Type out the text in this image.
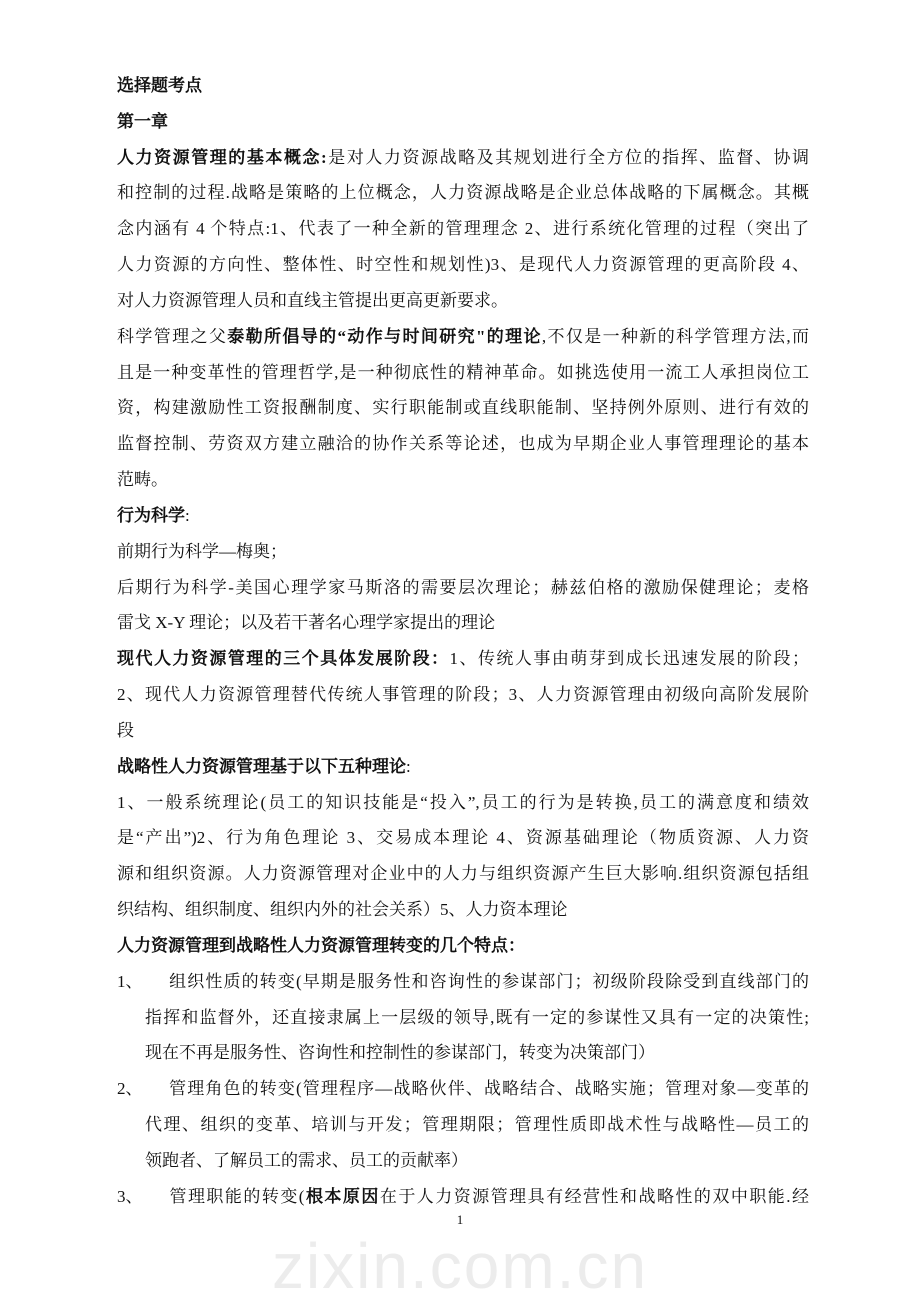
选择题考点
第一章
人力资源管理的基本概念:是对人力资源战略及其规划进行全方位的指挥、监督、协调
和控制的过程.战略是策略的上位概念，人力资源战略是企业总体战略的下属概念。其概
念内涵有 4 个特点:1、代表了一种全新的管理理念 2、进行系统化管理的过程（突出了
人力资源的方向性、整体性、时空性和规划性)3、是现代人力资源管理的更高阶段 4、
对人力资源管理人员和直线主管提出更高更新要求。
科学管理之父泰勒所倡导的“动作与时间研究"的理论,不仅是一种新的科学管理方法,而
且是一种变革性的管理哲学,是一种彻底性的精神革命。如挑选使用一流工人承担岗位工
资，构建激励性工资报酬制度、实行职能制或直线职能制、坚持例外原则、进行有效的
监督控制、劳资双方建立融洽的协作关系等论述，也成为早期企业人事管理理论的基本
范畴。
行为科学:
前期行为科学—梅奥；
后期行为科学-美国心理学家马斯洛的需要层次理论；赫兹伯格的激励保健理论；麦格
雷戈 X-Y 理论；以及若干著名心理学家提出的理论
现代人力资源管理的三个具体发展阶段：1、传统人事由萌芽到成长迅速发展的阶段；
2、现代人力资源管理替代传统人事管理的阶段；3、人力资源管理由初级向高阶发展阶
段
战略性人力资源管理基于以下五种理论:
1、一般系统理论(员工的知识技能是“投入”,员工的行为是转换,员工的满意度和绩效
是“产出”)2、行为角色理论 3、交易成本理论 4、资源基础理论（物质资源、人力资
源和组织资源。人力资源管理对企业中的人力与组织资源产生巨大影响.组织资源包括组
织结构、组织制度、组织内外的社会关系）5、人力资本理论
人力资源管理到战略性人力资源管理转变的几个特点：
1、 组织性质的转变(早期是服务性和咨询性的参谋部门；初级阶段除受到直线部门的
指挥和监督外，还直接隶属上一层级的领导,既有一定的参谋性又具有一定的决策性;
现在不再是服务性、咨询性和控制性的参谋部门，转变为决策部门）
2、 管理角色的转变(管理程序—战略伙伴、战略结合、战略实施；管理对象—变革的
代理、组织的变革、培训与开发；管理期限；管理性质即战术性与战略性—员工的
领跑者、了解员工的需求、员工的贡献率）
3、 管理职能的转变(根本原因在于人力资源管理具有经营性和战略性的双中职能.经
1
zixin.com.cn
